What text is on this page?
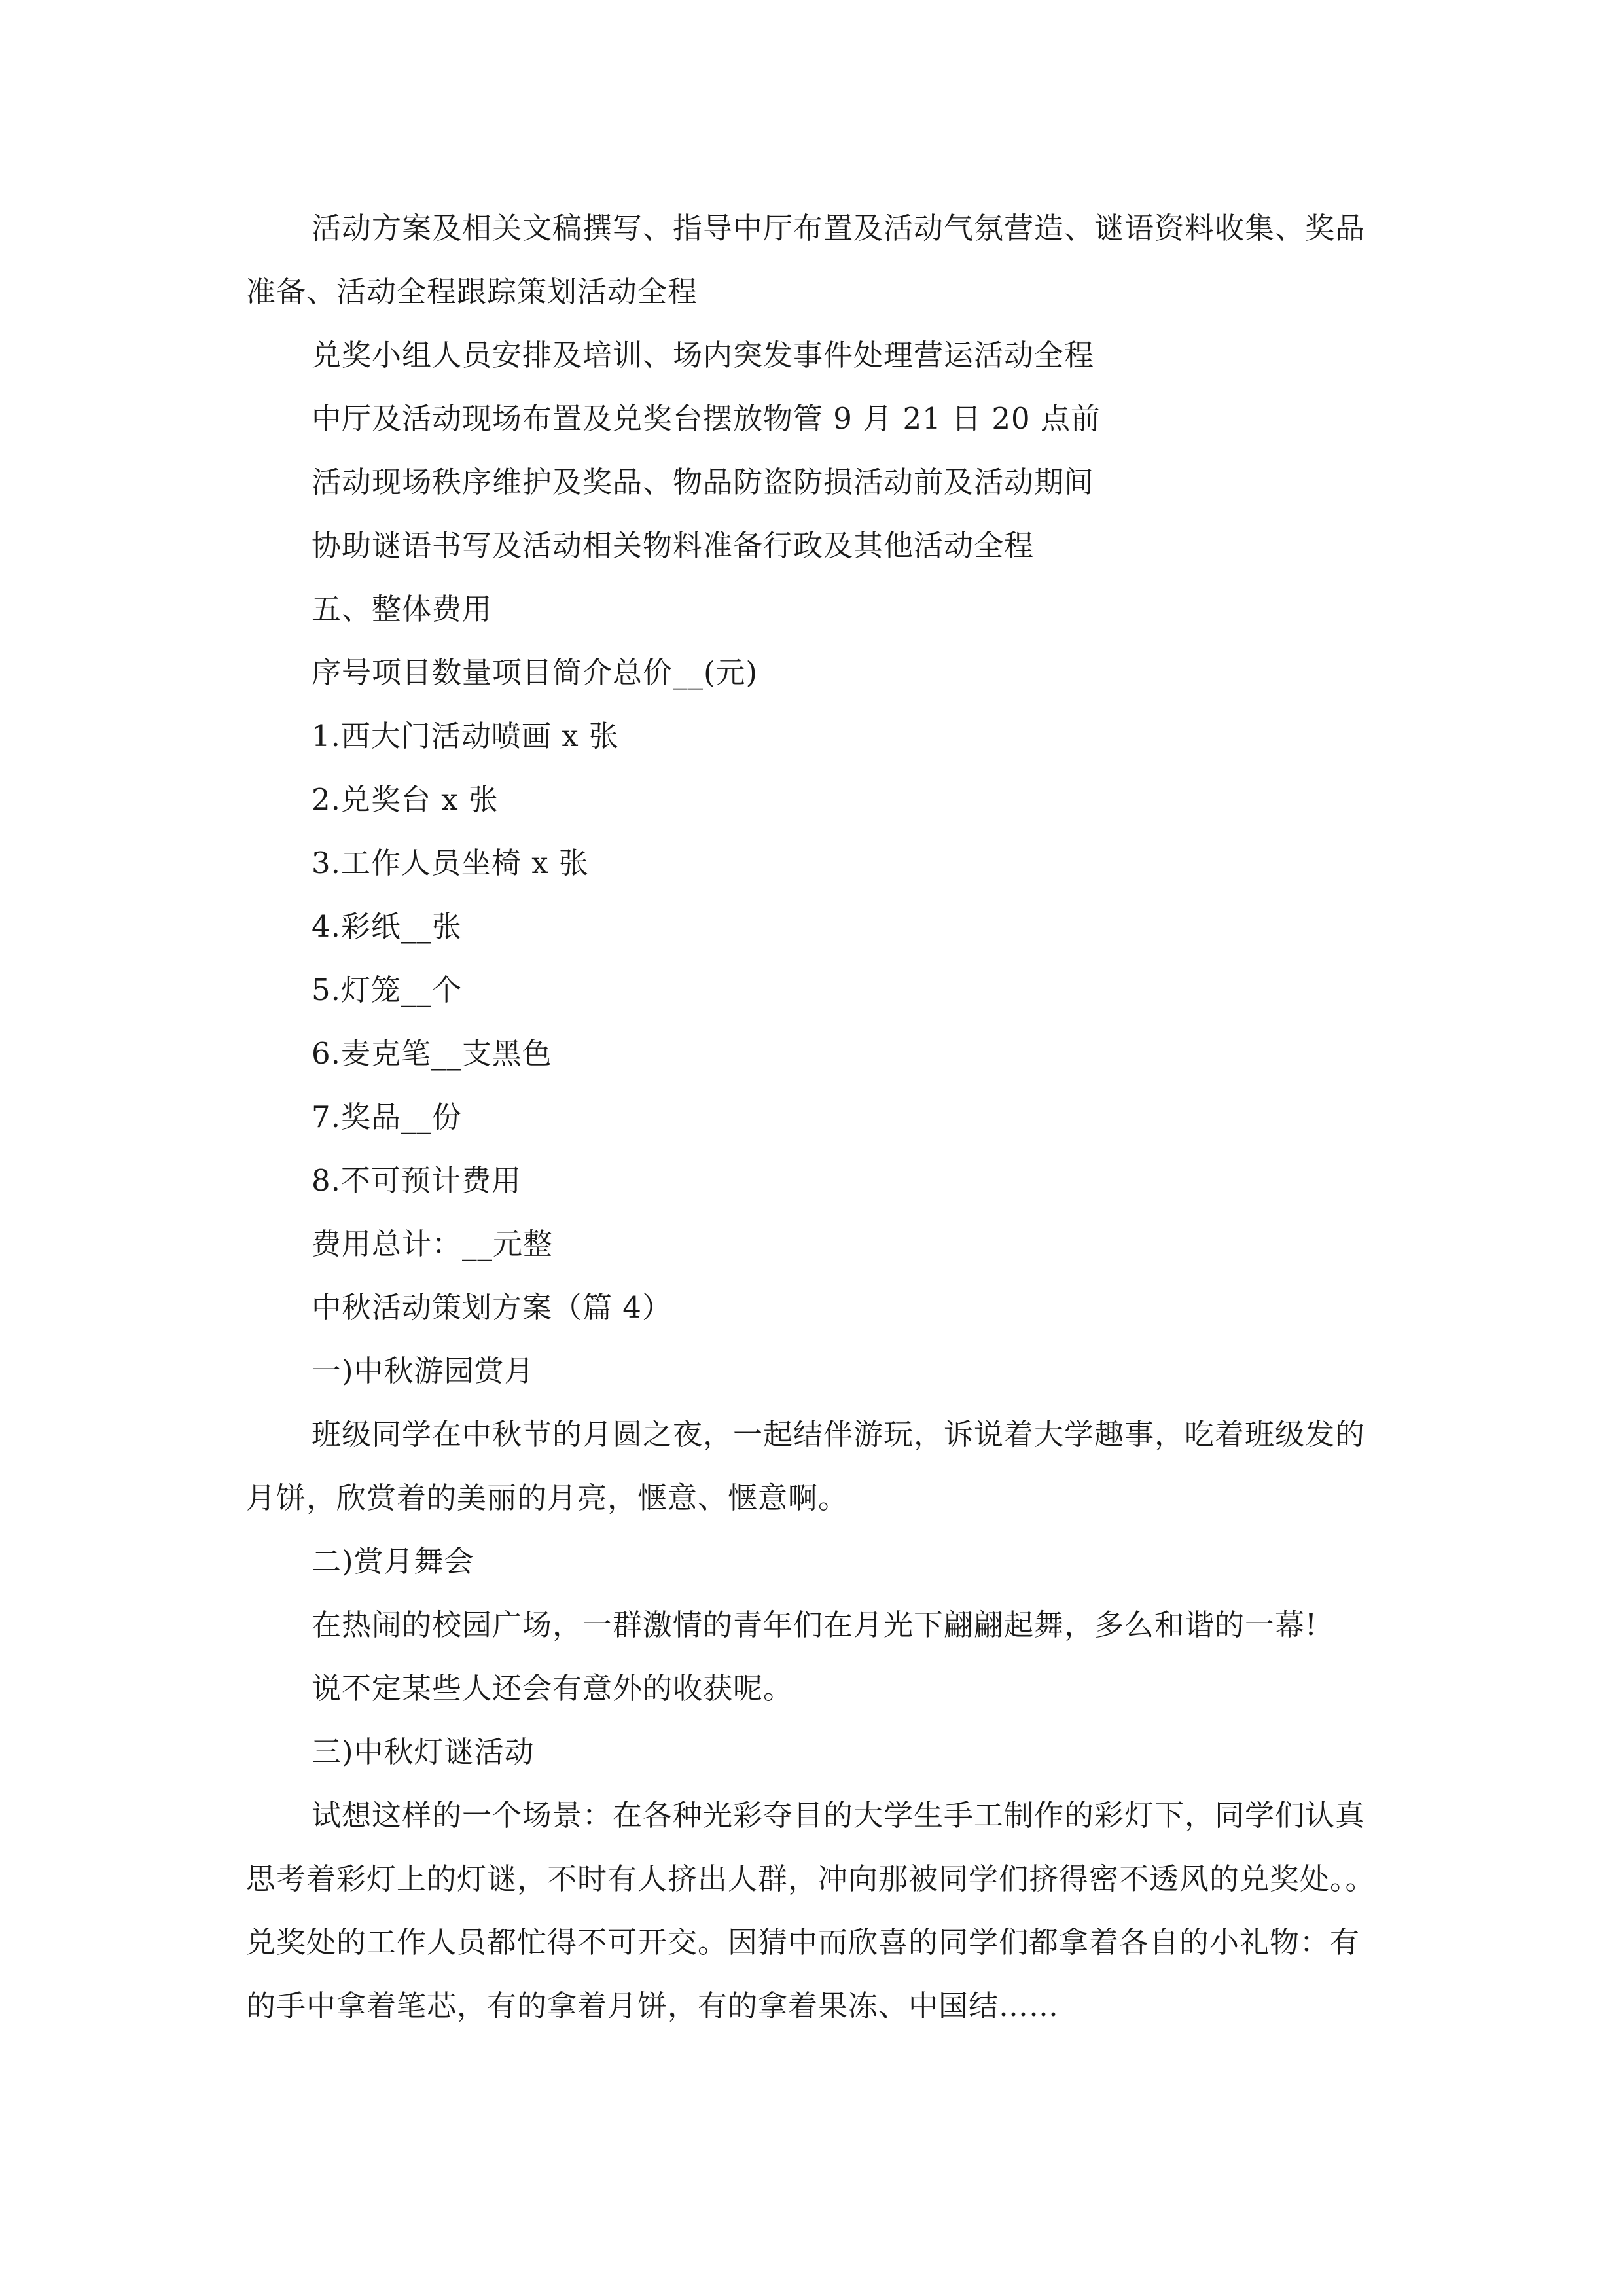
活动方案及相关文稿撰写、指导中厅布置及活动气氛营造、谜语资料收集、奖品准备、活动全程跟踪策划活动全程

兑奖小组人员安排及培训、场内突发事件处理营运活动全程

中厅及活动现场布置及兑奖台摆放物管 9 月 21 日 20 点前

活动现场秩序维护及奖品、物品防盗防损活动前及活动期间

协助谜语书写及活动相关物料准备行政及其他活动全程

五、整体费用

序号项目数量项目简介总价__(元)

1.西大门活动喷画 x 张

2.兑奖台 x 张

3.工作人员坐椅 x 张

4.彩纸__张

5.灯笼__个

6.麦克笔__支黑色

7.奖品__份

8.不可预计费用

费用总计：__元整

中秋活动策划方案（篇 4）

一)中秋游园赏月

班级同学在中秋节的月圆之夜，一起结伴游玩，诉说着大学趣事，吃着班级发的月饼，欣赏着的美丽的月亮，惬意、惬意啊。

二)赏月舞会

在热闹的校园广场，一群激情的青年们在月光下翩翩起舞，多么和谐的一幕!

说不定某些人还会有意外的收获呢。

三)中秋灯谜活动

试想这样的一个场景：在各种光彩夺目的大学生手工制作的彩灯下，同学们认真思考着彩灯上的灯谜，不时有人挤出人群，冲向那被同学们挤得密不透风的兑奖处。。兑奖处的工作人员都忙得不可开交。因猜中而欣喜的同学们都拿着各自的小礼物：有的手中拿着笔芯，有的拿着月饼，有的拿着果冻、中国结……
